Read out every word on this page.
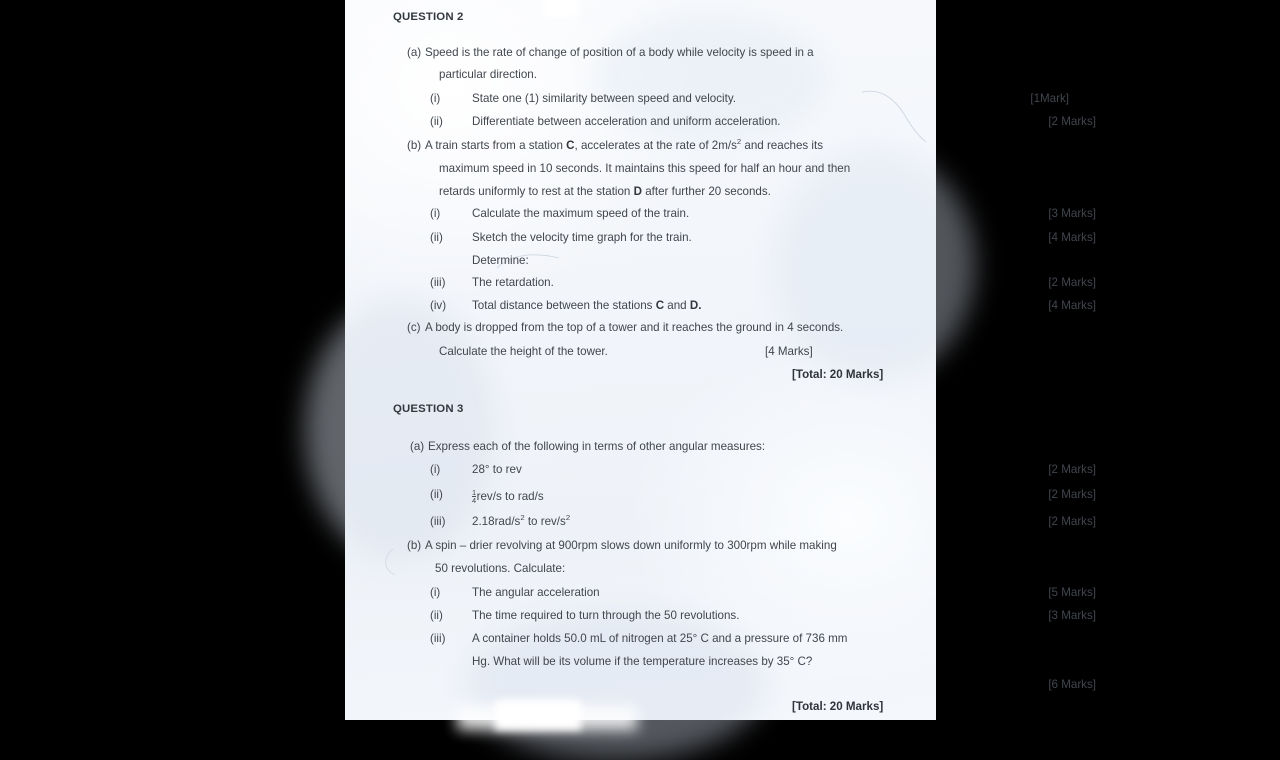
QUESTION 2
(a) Speed is the rate of change of position of a body while velocity is speed in a
particular direction.
(i)	State one (1) similarity between speed and velocity.	[1Mark]
(ii)	Differentiate between acceleration and uniform acceleration.	[2 Marks]
(b) A train starts from a station C, accelerates at the rate of $2m/s^2$ and reaches its
maximum speed in 10 seconds. It maintains this speed for half an hour and then
retards uniformly to rest at the station D after further 20 seconds.
(i)	Calculate the maximum speed of the train.	[3 Marks]
(ii)	Sketch the velocity time graph for the train.	[4 Marks]
Determine:
(iii) The retardation.	[2 Marks]
(iv) Total distance between the stations C and D.	[4 Marks]
(c) A body is dropped from the top of a tower and it reaches the ground in 4 seconds.
Calculate the height of the tower.	[4 Marks]
[Total: 20 Marks]
QUESTION 3
(a) Express each of the following in terms of other angular measures:
(i)	28° to rev	[2 Marks]
(ii)	$\frac{1}{4} rev/s$ to rad/s	[2 Marks]
(iii) $2.18rad/s^2$ to rev/$s^2$	[2 Marks]
(b) A spin – drier revolving at 900rpm slows down uniformly to 300rpm while making
50 revolutions. Calculate:
(i)	The angular acceleration	[5 Marks]
(ii)	The time required to turn through the 50 revolutions.	[3 Marks]
(iii) A container holds 50.0 mL of nitrogen at 25° C and a pressure of 736 mm
Hg. What will be its volume if the temperature increases by 35° C?
[6 Marks]
[Total: 20 Marks]
